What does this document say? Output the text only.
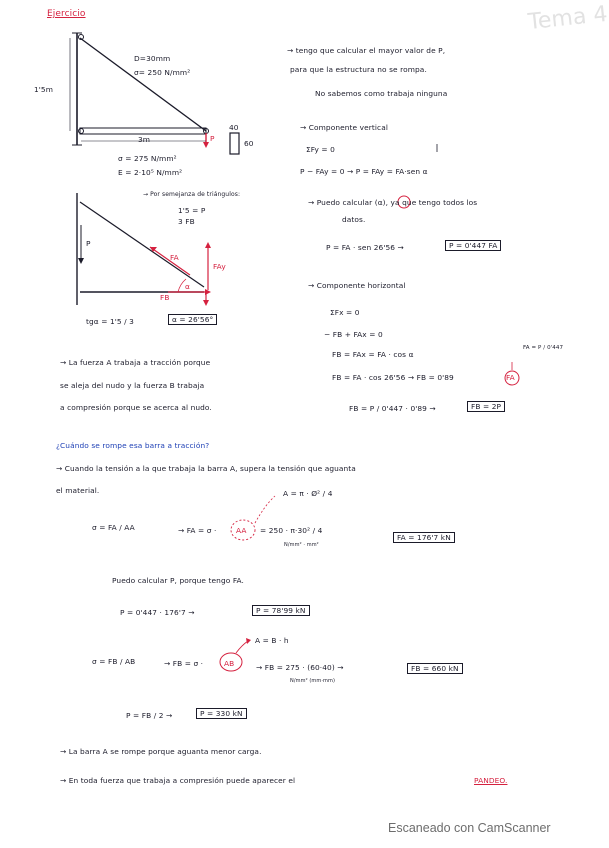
Tema 4
Ejercicio
1'5m
D=30mm
σ= 250 N/mm²
3m
σ = 275 N/mm²
E = 2·10⁵ N/mm²
40
60
P
→ Por semejanza de triángulos:
1'5 = P
3 FB
P
FA
FAy
FB
α
tgα = 1'5 / 3	α = 26'56°
→ tengo que calcular el mayor valor de P,
para que la estructura no se rompa.
No sabemos como trabaja ninguna
→ Componente vertical
ΣFy = 0
P − FAy = 0 → P = FAy = FA·sen α
→ Puedo calcular (α), ya que tengo todos los
datos.
P = FA · sen 26'56 →	P = 0'447 FA
→ Componente horizontal
ΣFx = 0
− FB + FAx = 0
FB = FAx = FA · cos α
FA = P / 0'447
FB = FA · cos 26'56 → FB = 0'89	FA
FB = P / 0'447 · 0'89 →	FB = 2P
→ La fuerza A trabaja a tracción porque
se aleja del nudo y la fuerza B trabaja
a compresión porque se acerca al nudo.
¿Cuándo se rompe esa barra a tracción?
→ Cuando la tensión a la que trabaja la barra A, supera la tensión que aguanta
el material.	A = π · Ø² / 4
σ = FA / AA	→ FA = σ ·	AA = 250 · π·30² / 4
N/mm² · mm²
FA = 176'7 kN
Puedo calcular P, porque tengo FA.
P = 0'447 · 176'7 →	P = 78'99 kN
A = B · h
σ = FB / AB	→ FB = σ ·	AB	→ FB = 275 · (60·40) →
N/mm² (mm·mm)
FB = 660 kN
P = FB / 2 →	P = 330 kN
→ La barra A se rompe porque aguanta menor carga.
→ En toda fuerza que trabaja a compresión puede aparecer el	PANDEO.
Escaneado con CamScanner
